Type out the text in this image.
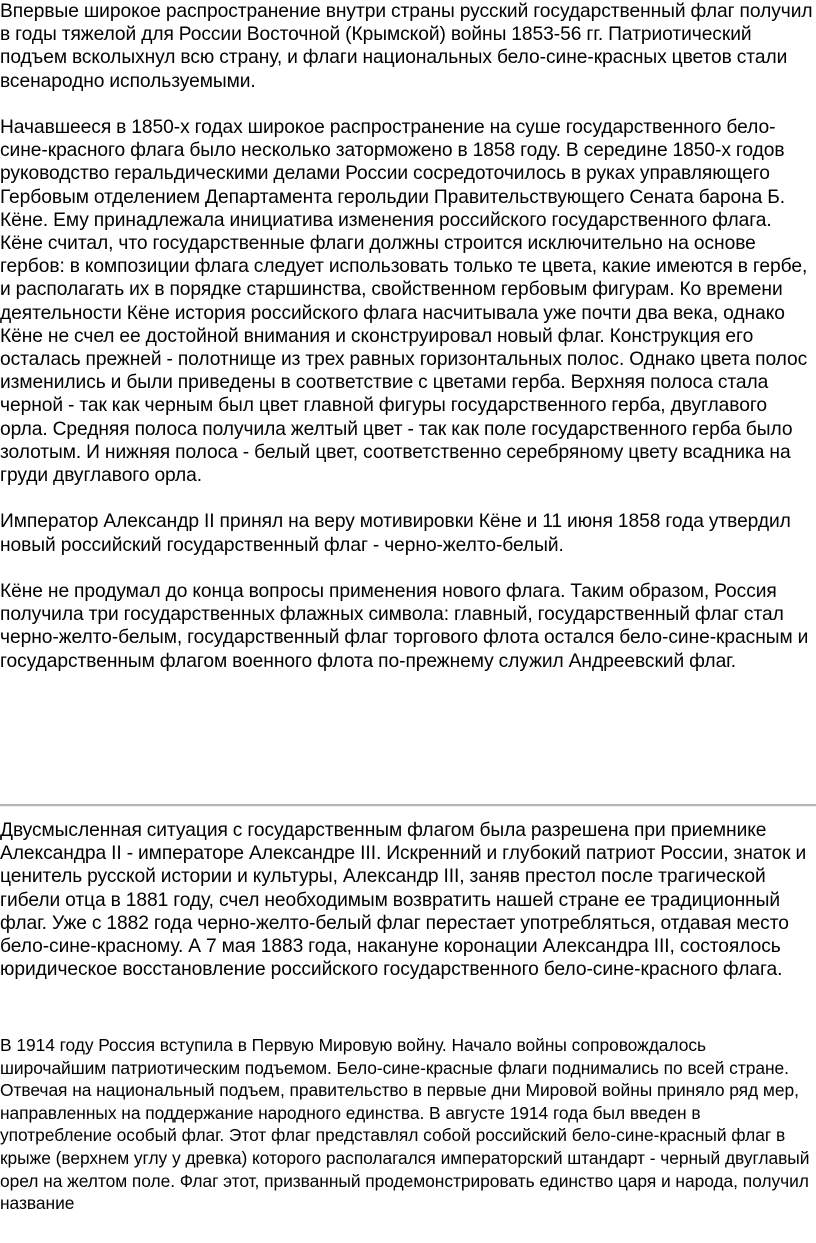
Впервые широкое распространение внутри страны русский государственный флаг получил в годы тяжелой для России Восточной (Крымской) войны 1853-56 гг. Патриотический подъем всколыхнул всю страну, и флаги национальных бело-сине-красных цветов стали всенародно используемыми.

Начавшееся в 1850-х годах широкое распространение на суше государственного бело-сине-красного флага было несколько заторможено в 1858 году. В середине 1850-х годов руководство геральдическими делами России сосредоточилось в руках управляющего Гербовым отделением Департамента герольдии Правительствующего Сената барона Б. Кёне. Ему принадлежала инициатива изменения российского государственного флага. Кёне считал, что государственные флаги должны строится исключительно на основе гербов: в композиции флага следует использовать только те цвета, какие имеются в гербе, и располагать их в порядке старшинства, свойственном гербовым фигурам. Ко времени деятельности Кёне история российского флага насчитывала уже почти два века, однако Кёне не счел ее достойной внимания и сконструировал новый флаг. Конструкция его осталась прежней - полотнище из трех равных горизонтальных полос. Однако цвета полос изменились и были приведены в соответствие с цветами герба. Верхняя полоса стала черной - так как черным был цвет главной фигуры государственного герба, двуглавого орла. Средняя полоса получила желтый цвет - так как поле государственного герба было золотым. И нижняя полоса - белый цвет, соответственно серебряному цвету всадника на груди двуглавого орла.

Император Александр II принял на веру мотивировки Кёне и 11 июня 1858 года утвердил новый российский государственный флаг - черно-желто-белый.

Кёне не продумал до конца вопросы применения нового флага. Таким образом, Россия получила три государственных флажных символа: главный, государственный флаг стал черно-желто-белым, государственный флаг торгового флота остался бело-сине-красным и государственным флагом военного флота по-прежнему служил Андреевский флаг.

Двусмысленная ситуация с государственным флагом была разрешена при приемнике Александра II - императоре Александре III. Искренний и глубокий патриот России, знаток и ценитель русской истории и культуры, Александр III, заняв престол после трагической гибели отца в 1881 году, счел необходимым возвратить нашей стране ее традиционный флаг. Уже с 1882 года черно-желто-белый флаг перестает употребляться, отдавая место бело-сине-красному. А 7 мая 1883 года, накануне коронации Александра III, состоялось юридическое восстановление российского государственного бело-сине-красного флага.

В 1914 году Россия вступила в Первую Мировую войну. Начало войны сопровождалось широчайшим патриотическим подъемом. Бело-сине-красные флаги поднимались по всей стране. Отвечая на национальный подъем, правительство в первые дни Мировой войны приняло ряд мер, направленных на поддержание народного единства. В августе 1914 года был введен в употребление особый флаг. Этот флаг представлял собой российский бело-сине-красный флаг в крыже (верхнем углу у древка) которого располагался императорский штандарт - черный двуглавый орел на желтом поле. Флаг этот, призванный продемонстрировать единство царя и народа, получил название
